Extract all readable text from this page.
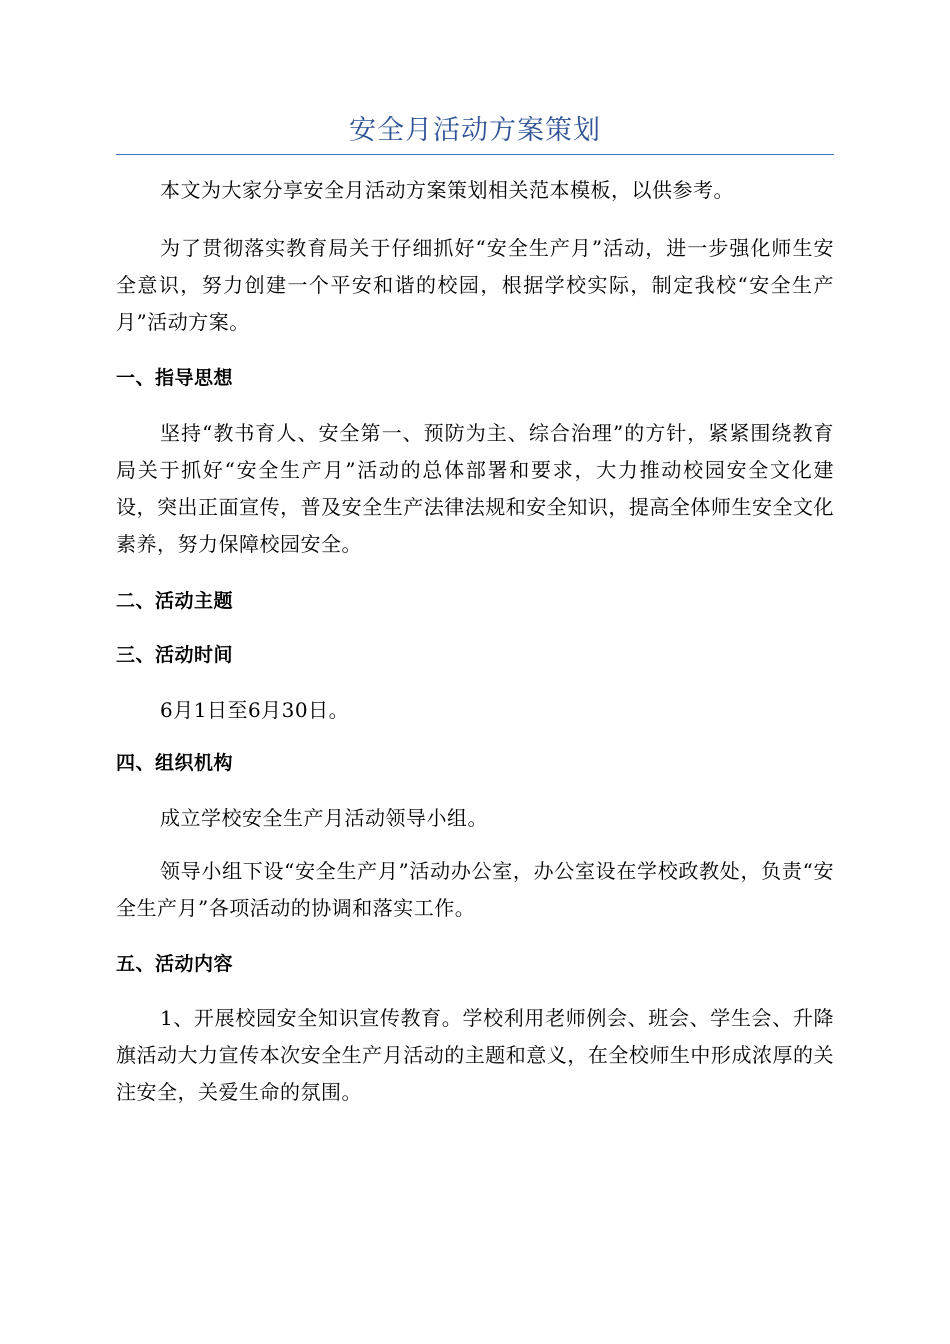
安全月活动方案策划

本文为大家分享安全月活动方案策划相关范本模板，以供参考。

为了贯彻落实教育局关于仔细抓好“安全生产月”活动，进一步强化师生安全意识，努力创建一个平安和谐的校园，根据学校实际，制定我校“安全生产月”活动方案。

一、指导思想

坚持“教书育人、安全第一、预防为主、综合治理”的方针，紧紧围绕教育局关于抓好“安全生产月”活动的总体部署和要求，大力推动校园安全文化建设，突出正面宣传，普及安全生产法律法规和安全知识，提高全体师生安全文化素养，努力保障校园安全。

二、活动主题
三、活动时间

6月1日至6月30日。

四、组织机构

成立学校安全生产月活动领导小组。

领导小组下设“安全生产月”活动办公室，办公室设在学校政教处，负责“安全生产月”各项活动的协调和落实工作。

五、活动内容

1、开展校园安全知识宣传教育。学校利用老师例会、班会、学生会、升降旗活动大力宣传本次安全生产月活动的主题和意义，在全校师生中形成浓厚的关注安全，关爱生命的氛围。
